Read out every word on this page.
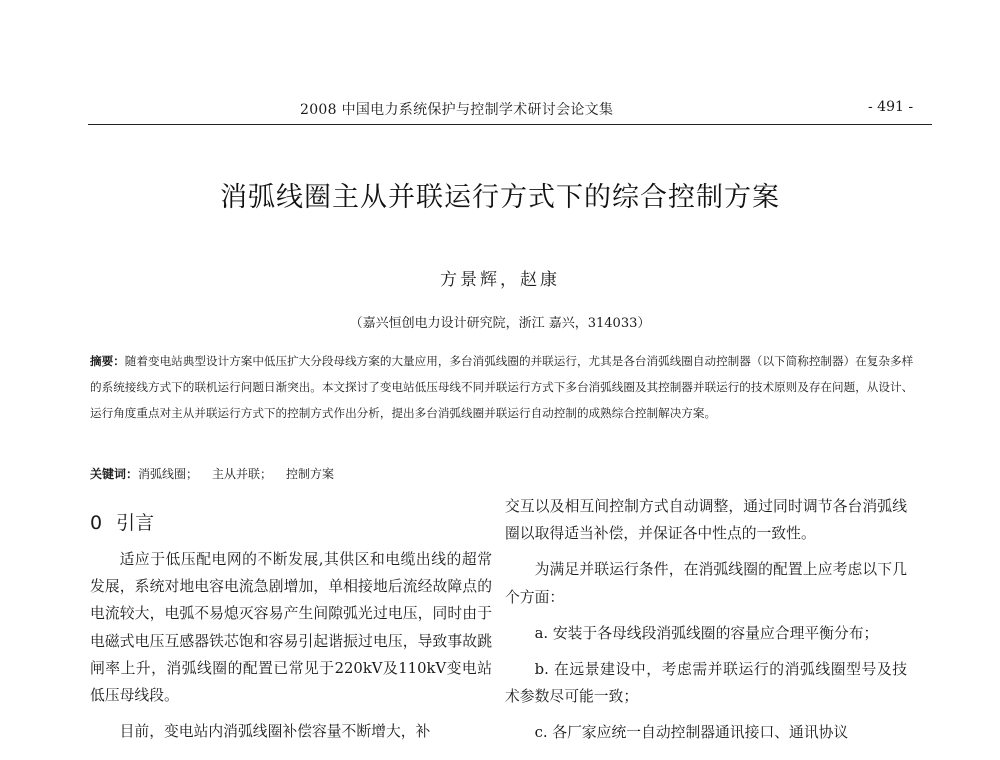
2008 中国电力系统保护与控制学术研讨会论文集	- 491 -
消弧线圈主从并联运行方式下的综合控制方案
方景辉，赵康
（嘉兴恒创电力设计研究院，浙江 嘉兴，314033）

摘要：随着变电站典型设计方案中低压扩大分段母线方案的大量应用，多台消弧线圈的并联运行，尤其是各台消弧线圈自动控制器（以下简称控制器）在复杂多样的系统接线方式下的联机运行问题日渐突出。本文探讨了变电站低压母线不同并联运行方式下多台消弧线圈及其控制器并联运行的技术原则及存在问题，从设计、运行角度重点对主从并联运行方式下的控制方式作出分析，提出多台消弧线圈并联运行自动控制的成熟综合控制解决方案。

关键词：消弧线圈； 主从并联； 控制方案
0 引言

适应于低压配电网的不断发展,其供区和电缆出线的超常发展，系统对地电容电流急剧增加，单相接地后流经故障点的电流较大，电弧不易熄灭容易产生间隙弧光过电压，同时由于电磁式电压互感器铁芯饱和容易引起谐振过电压，导致事故跳闸率上升，消弧线圈的配置已常见于220kV及110kV变电站低压母线段。

目前，变电站内消弧线圈补偿容量不断增大，补

交互以及相互间控制方式自动调整，通过同时调节各台消弧线圈以取得适当补偿，并保证各中性点的一致性。

为满足并联运行条件，在消弧线圈的配置上应考虑以下几个方面：

a. 安装于各母线段消弧线圈的容量应合理平衡分布；

b. 在远景建设中，考虑需并联运行的消弧线圈型号及技术参数尽可能一致；

c. 各厂家应统一自动控制器通讯接口、通讯协议
